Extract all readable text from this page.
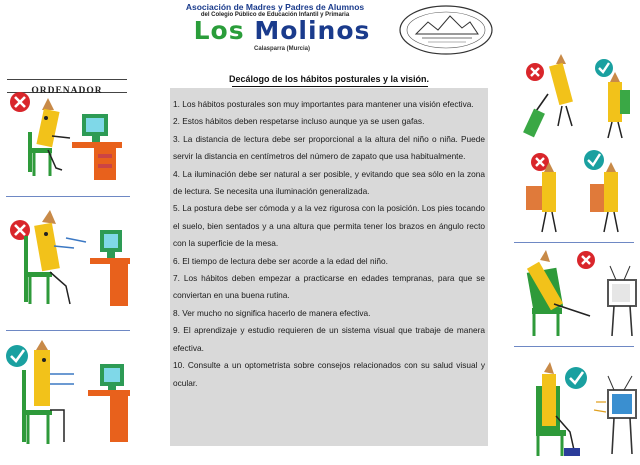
Asociación de Madres y Padres de Alumnos
del Colegio Público de Educación Infantil y Primaria
Los Molinos
Calasparra (Murcia)
ORDENADOR
Decálogo de los hábitos posturales y la visión.
1. Los hábitos posturales son muy importantes para mantener una visión efectiva.
2. Estos hábitos deben respetarse incluso aunque ya se usen gafas.
3. La distancia de lectura debe ser proporcional a la altura del niño o niña. Puede servir la distancia en centímetros del número de zapato que usa habitualmente.
4. La iluminación debe ser natural a ser posible, y evitando que sea sólo en la zona de lectura. Se necesita una iluminación generalizada.
5. La postura debe ser cómoda y a la vez rigurosa con la posición. Los pies tocando el suelo, bien sentados y a una altura que permita tener los brazos en ángulo recto con la superficie de la mesa.
6. El tiempo de lectura debe ser acorde a la edad del niño.
7. Los hábitos deben empezar a practicarse en edades tempranas, para que se conviertan en una buena rutina.
8. Ver mucho no significa hacerlo de manera efectiva.
9. El aprendizaje y estudio requieren de un sistema visual que trabaje de manera efectiva.
10. Consulte a un optometrista sobre consejos relacionados con su salud visual y ocular.
